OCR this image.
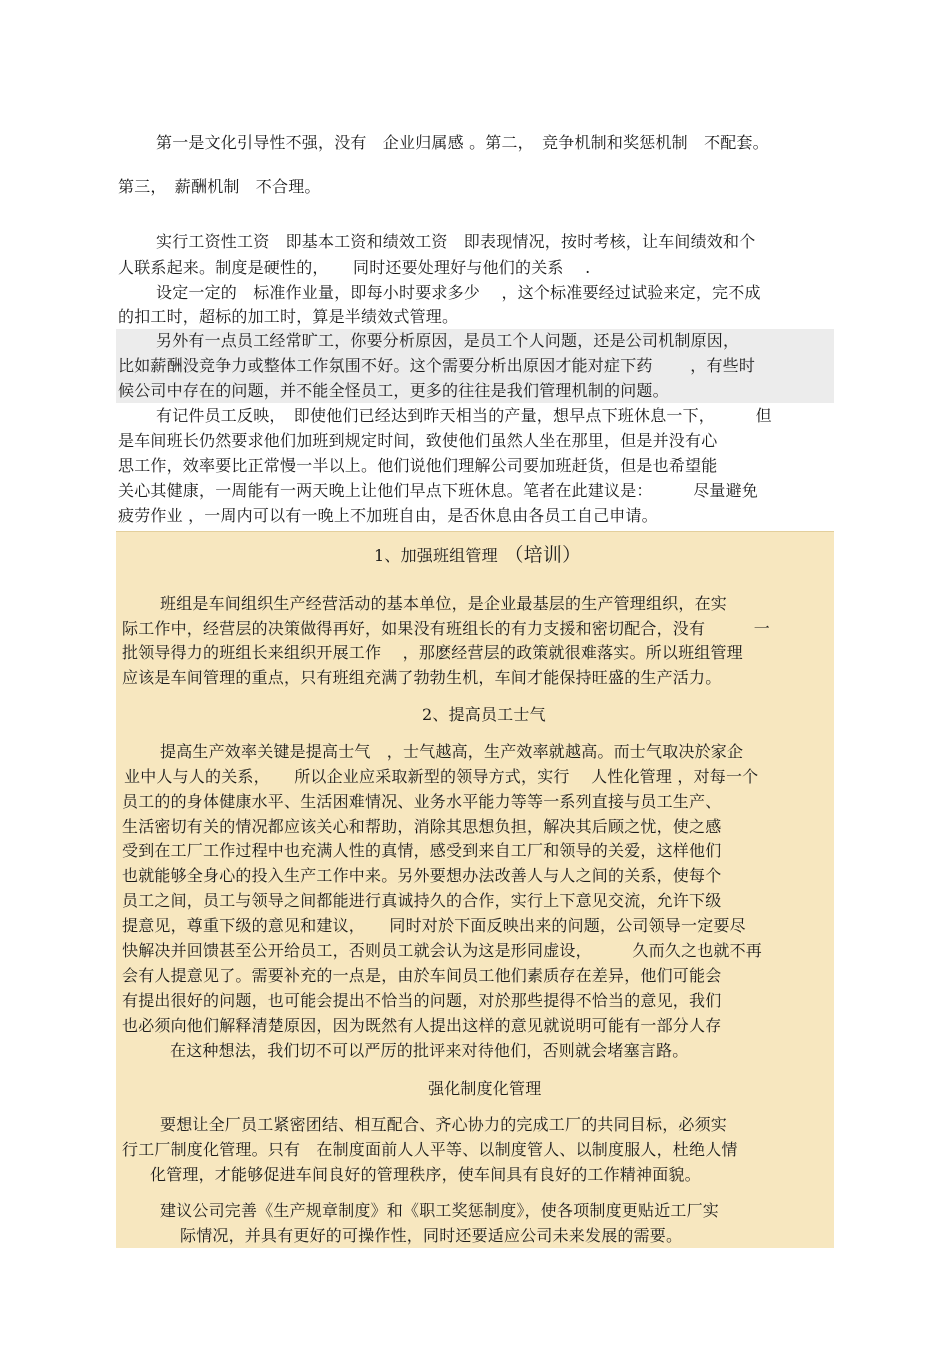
第一是文化引导性不强，没有　企业归属感 。第二，　竞争机制和奖惩机制　不配套。
第三，　薪酬机制　不合理。
实行工资性工资　即基本工资和绩效工资　即表现情况，按时考核，让车间绩效和个
人联系起来。制度是硬性的，　　同时还要处理好与他们的关系　 .
设定一定的　标准作业量，即每小时要求多少　 ，这个标准要经过试验来定，完不成
的扣工时，超标的加工时，算是半绩效式管理。
另外有一点员工经常旷工，你要分析原因，是员工个人问题，还是公司机制原因，
比如薪酬没竞争力或整体工作氛围不好。这个需要分析出原因才能对症下药　　 ，有些时
候公司中存在的问题，并不能全怪员工，更多的往往是我们管理机制的问题。
有记件员工反映，　即使他们已经达到昨天相当的产量，想早点下班休息一下，　　　但
是车间班长仍然要求他们加班到规定时间，致使他们虽然人坐在那里，但是并没有心
思工作，效率要比正常慢一半以上。他们说他们理解公司要加班赶货，但是也希望能
关心其健康，一周能有一两天晚上让他们早点下班休息。笔者在此建议是：　　　尽量避免
疲劳作业 ，一周内可以有一晚上不加班自由，是否休息由各员工自己申请。
1、加强班组管理　（培训）
班组是车间组织生产经营活动的基本单位，是企业最基层的生产管理组织，在实
际工作中，经营层的决策做得再好，如果没有班组长的有力支援和密切配合，没有　　　一
批领导得力的班组长来组织开展工作　 ，那麽经营层的政策就很难落实。所以班组管理
应该是车间管理的重点，只有班组充满了勃勃生机，车间才能保持旺盛的生产活力。
2、提高员工士气
提高生产效率关键是提高士气　，士气越高，生产效率就越高。而士气取决於家企
业中人与人的关系，　　所以企业应采取新型的领导方式，实行　 人性化管理 ，对每一个
员工的的身体健康水平、生活困难情况、业务水平能力等等一系列直接与员工生产、
生活密切有关的情况都应该关心和帮助，消除其思想负担，解决其后顾之忧，使之感
受到在工厂工作过程中也充满人性的真情，感受到来自工厂和领导的关爱，这样他们
也就能够全身心的投入生产工作中来。另外要想办法改善人与人之间的关系，使每个
员工之间，员工与领导之间都能进行真诚持久的合作，实行上下意见交流，允许下级
提意见，尊重下级的意见和建议，　　同时对於下面反映出来的问题，公司领导一定要尽
快解决并回馈甚至公开给员工，否则员工就会认为这是形同虚设，　　　久而久之也就不再
会有人提意见了。需要补充的一点是，由於车间员工他们素质存在差异，他们可能会
有提出很好的问题，也可能会提出不恰当的问题，对於那些提得不恰当的意见，我们
也必须向他们解释清楚原因，因为既然有人提出这样的意见就说明可能有一部分人存
在这种想法，我们切不可以严厉的批评来对待他们，否则就会堵塞言路。
强化制度化管理
要想让全厂员工紧密团结、相互配合、齐心协力的完成工厂的共同目标，必须实
行工厂制度化管理。只有　在制度面前人人平等、以制度管人、以制度服人，杜绝人情
化管理，才能够促进车间良好的管理秩序，使车间具有良好的工作精神面貌。
建议公司完善《生产规章制度》和《职工奖惩制度》，使各项制度更贴近工厂实
际情况，并具有更好的可操作性，同时还要适应公司未来发展的需要。
